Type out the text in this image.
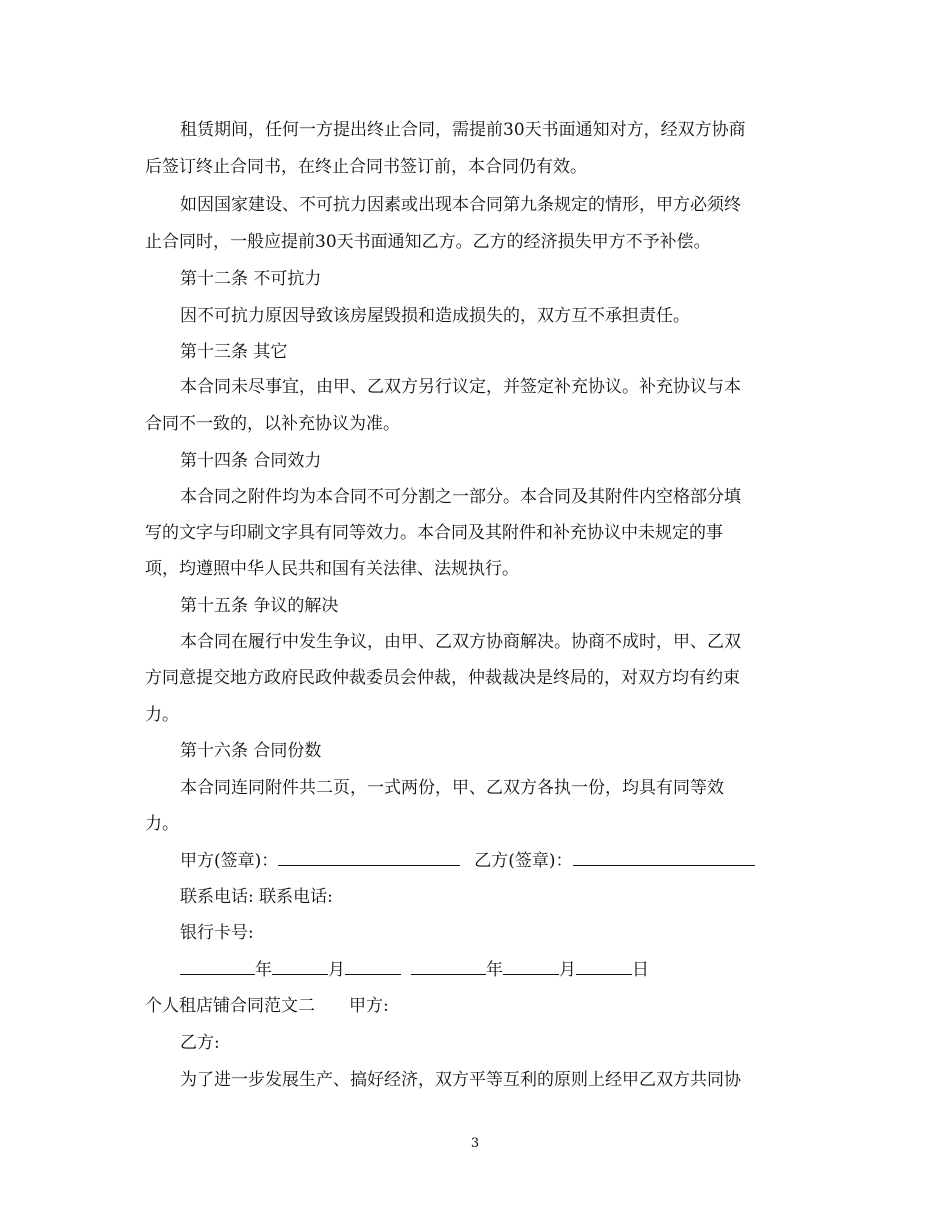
租赁期间，任何一方提出终止合同，需提前30天书面通知对方，经双方协商
后签订终止合同书，在终止合同书签订前，本合同仍有效。
如因国家建设、不可抗力因素或出现本合同第九条规定的情形，甲方必须终
止合同时，一般应提前30天书面通知乙方。乙方的经济损失甲方不予补偿。
第十二条 不可抗力
因不可抗力原因导致该房屋毁损和造成损失的，双方互不承担责任。
第十三条 其它
本合同未尽事宜，由甲、乙双方另行议定，并签定补充协议。补充协议与本
合同不一致的，以补充协议为准。
第十四条 合同效力
本合同之附件均为本合同不可分割之一部分。本合同及其附件内空格部分填
写的文字与印刷文字具有同等效力。本合同及其附件和补充协议中未规定的事
项，均遵照中华人民共和国有关法律、法规执行。
第十五条 争议的解决
本合同在履行中发生争议，由甲、乙双方协商解决。协商不成时，甲、乙双
方同意提交地方政府民政仲裁委员会仲裁，仲裁裁决是终局的，对双方均有约束
力。
第十六条 合同份数
本合同连同附件共二页，一式两份，甲、乙双方各执一份，均具有同等效
力。
甲方(签章)：	乙方(签章)：
联系电话: 联系电话:
银行卡号:
年	月	年	月	日
个人租店铺合同范文二 甲方:
乙方:
为了进一步发展生产、搞好经济，双方平等互利的原则上经甲乙双方共同协
3
